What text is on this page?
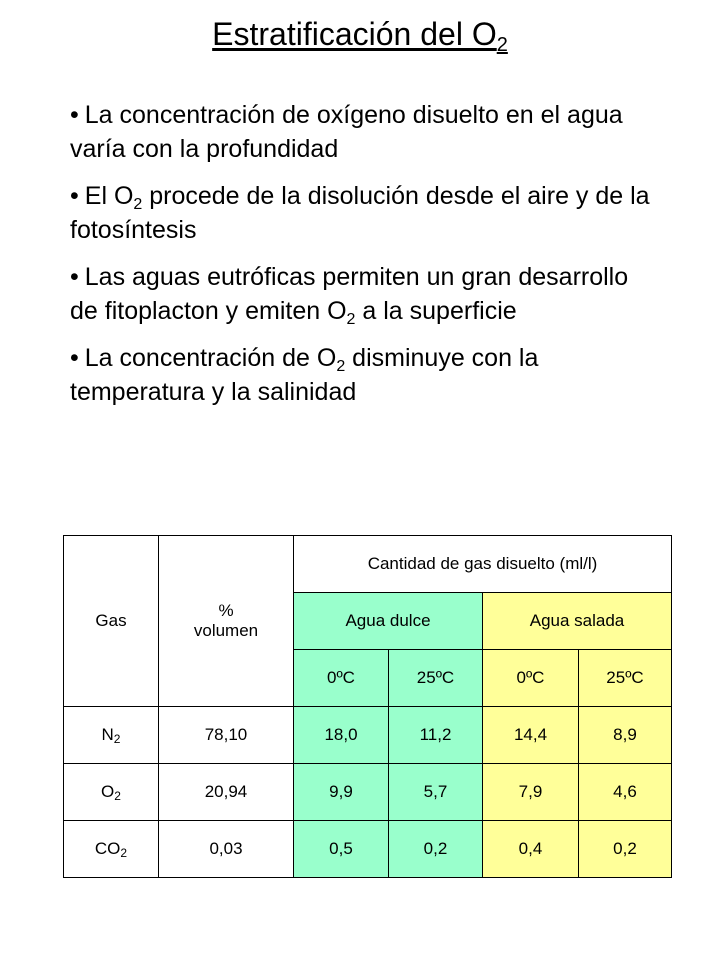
Estratificación del $O_2$
• La concentración de oxígeno disuelto en el agua varía con la profundidad
• El $O_2$ procede de la disolución desde el aire y de la fotosíntesis
• Las aguas eutróficas permiten un gran desarrollo de fitoplacton y emiten $O_2$ a la superficie
• La concentración de $O_2$ disminuye con la temperatura y la salinidad
Gas	% volumen	Cantidad de gas disuelto (ml/l)			
		Agua dulce		Agua salada	
		0ºC	25ºC	0ºC	25ºC
$N_2$	78,10	18,0	11,2	14,4	8,9
$O_2$	20,94	9,9	5,7	7,9	4,6
$CO_2$	0,03	0,5	0,2	0,4	0,2
